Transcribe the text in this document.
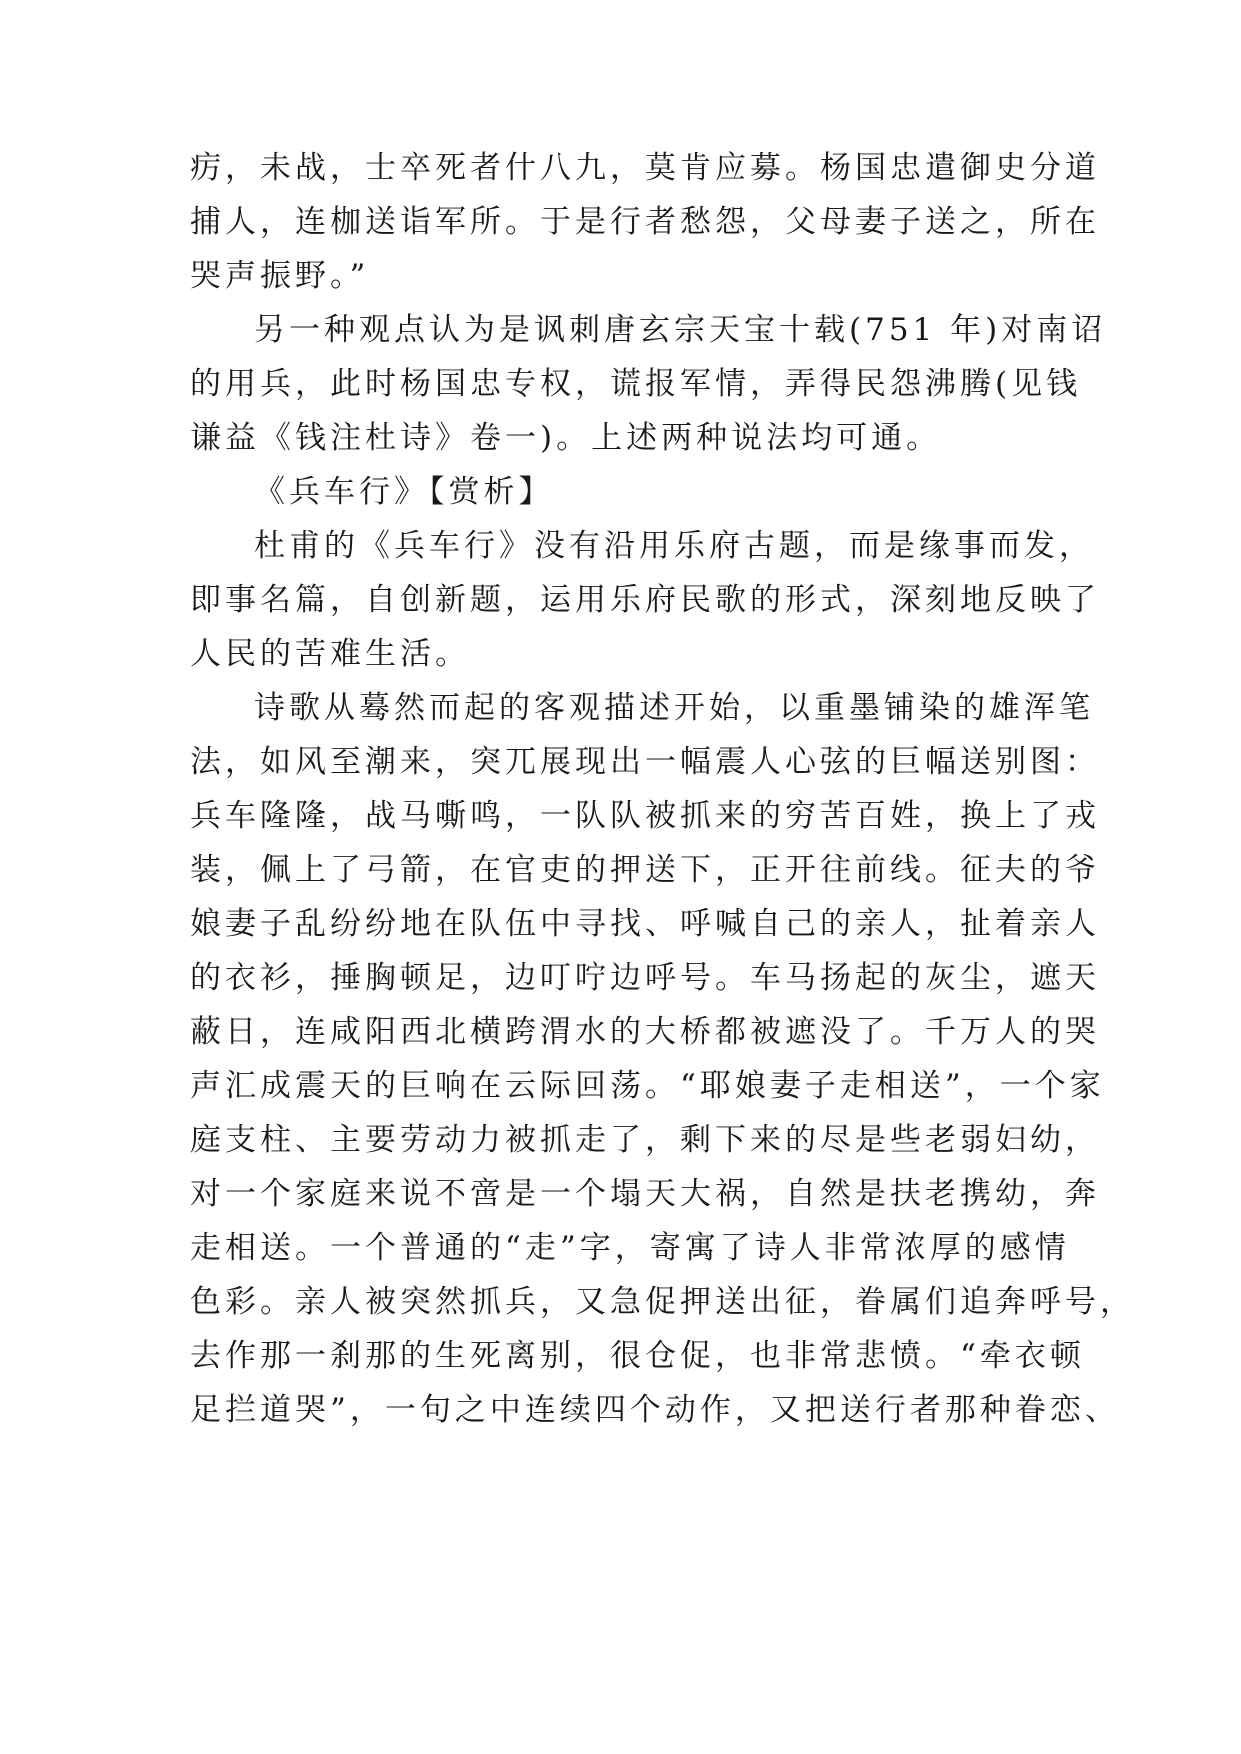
疠，未战，士卒死者什八九，莫肯应募。杨国忠遣御史分道
捕人，连枷送诣军所。于是行者愁怨，父母妻子送之，所在
哭声振野。”
另一种观点认为是讽刺唐玄宗天宝十载(751 年)对南诏
的用兵，此时杨国忠专权，谎报军情，弄得民怨沸腾(见钱
谦益《钱注杜诗》卷一)。上述两种说法均可通。
《兵车行》【赏析】
杜甫的《兵车行》没有沿用乐府古题，而是缘事而发，
即事名篇，自创新题，运用乐府民歌的形式，深刻地反映了
人民的苦难生活。
诗歌从蓦然而起的客观描述开始，以重墨铺染的雄浑笔
法，如风至潮来，突兀展现出一幅震人心弦的巨幅送别图：
兵车隆隆，战马嘶鸣，一队队被抓来的穷苦百姓，换上了戎
装，佩上了弓箭，在官吏的押送下，正开往前线。征夫的爷
娘妻子乱纷纷地在队伍中寻找、呼喊自己的亲人，扯着亲人
的衣衫，捶胸顿足，边叮咛边呼号。车马扬起的灰尘，遮天
蔽日，连咸阳西北横跨渭水的大桥都被遮没了。千万人的哭
声汇成震天的巨响在云际回荡。“耶娘妻子走相送”，一个家
庭支柱、主要劳动力被抓走了，剩下来的尽是些老弱妇幼，
对一个家庭来说不啻是一个塌天大祸，自然是扶老携幼，奔
走相送。一个普通的“走”字，寄寓了诗人非常浓厚的感情
色彩。亲人被突然抓兵，又急促押送出征，眷属们追奔呼号，
去作那一刹那的生死离别，很仓促，也非常悲愤。“牵衣顿
足拦道哭”，一句之中连续四个动作，又把送行者那种眷恋、
